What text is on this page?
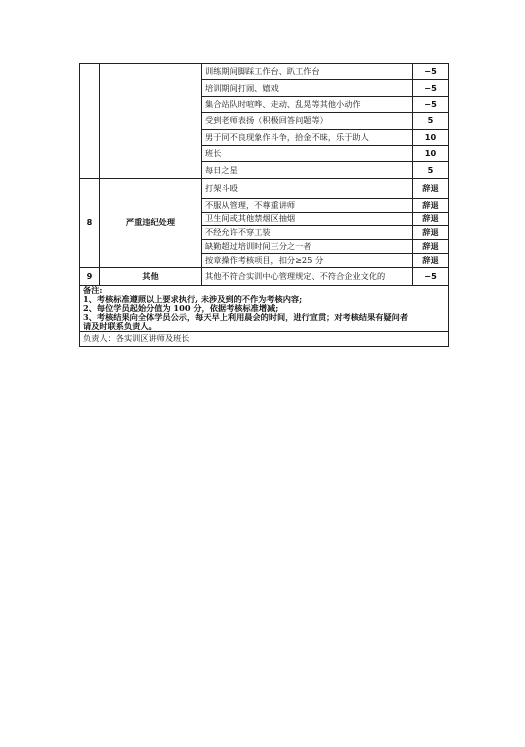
		训练期间脚踩工作台、趴工作台	−5
		培训期间打闹、嬉戏	−5
		集合站队时喧哗、走动、乱晃等其他小动作	−5
		受到老师表扬（积极回答问题等）	5
		男于同不良现象作斗争，拾金不昧，乐于助人	10
		班长	10
		每日之星	5
8	严重违纪处理	打架斗殴	辞退
		不服从管理，不尊重讲师	辞退
		卫生间或其他禁烟区抽烟	辞退
		不经允许不穿工装	辞退
		缺勤超过培训时间三分之一者	辞退
		按章操作考核项目，扣分≥25 分	辞退
9	其他	其他不符合实训中心管理规定、不符合企业文化的	−5

备注:
1、考核标准遵照以上要求执行, 未涉及到的不作为考核内容;
2、每位学员起始分值为 100 分，依据考核标准增减;
3、考核结果向全体学员公示，每天早上利用晨会的时间，进行宣贯；对考核结果有疑问者
请及时联系负责人。			

负责人：各实训区讲师及班长			
